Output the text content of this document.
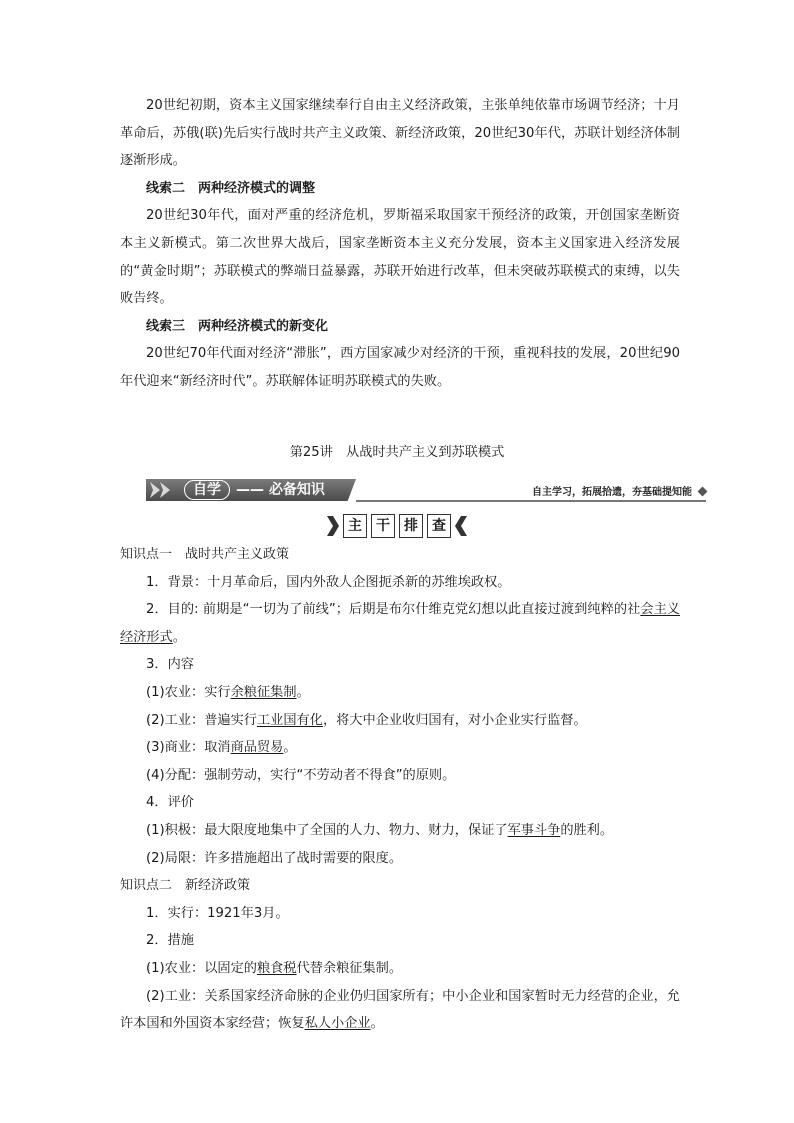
20世纪初期，资本主义国家继续奉行自由主义经济政策，主张单纯依靠市场调节经济；十月革命后，苏俄(联)先后实行战时共产主义政策、新经济政策，20世纪30年代，苏联计划经济体制逐渐形成。

线索二　两种经济模式的调整

20世纪30年代，面对严重的经济危机，罗斯福采取国家干预经济的政策，开创国家垄断资本主义新模式。第二次世界大战后，国家垄断资本主义充分发展，资本主义国家进入经济发展的“黄金时期”；苏联模式的弊端日益暴露，苏联开始进行改革，但未突破苏联模式的束缚，以失败告终。

线索三　两种经济模式的新变化

20世纪70年代面对经济“滞胀”，西方国家减少对经济的干预，重视科技的发展，20世纪90年代迎来“新经济时代”。苏联解体证明苏联模式的失败。

第25讲　从战时共产主义到苏联模式
自学 —— 必备知识	自主学习，拓展拾遗，夯基础提知能
主	干	排	查

知识点一　战时共产主义政策

1．背景：十月革命后，国内外敌人企图扼杀新的苏维埃政权。

2．目的: 前期是“一切为了前线”；后期是布尔什维克党幻想以此直接过渡到纯粹的社会主义经济形式。

3．内容

(1)农业：实行余粮征集制。

(2)工业：普遍实行工业国有化，将大中企业收归国有，对小企业实行监督。

(3)商业：取消商品贸易。

(4)分配：强制劳动，实行“不劳动者不得食”的原则。

4．评价

(1)积极：最大限度地集中了全国的人力、物力、财力，保证了军事斗争的胜利。

(2)局限：许多措施超出了战时需要的限度。

知识点二　新经济政策

1．实行：1921年3月。

2．措施

(1)农业：以固定的粮食税代替余粮征集制。

(2)工业：关系国家经济命脉的企业仍归国家所有；中小企业和国家暂时无力经营的企业，允许本国和外国资本家经营；恢复私人小企业。
